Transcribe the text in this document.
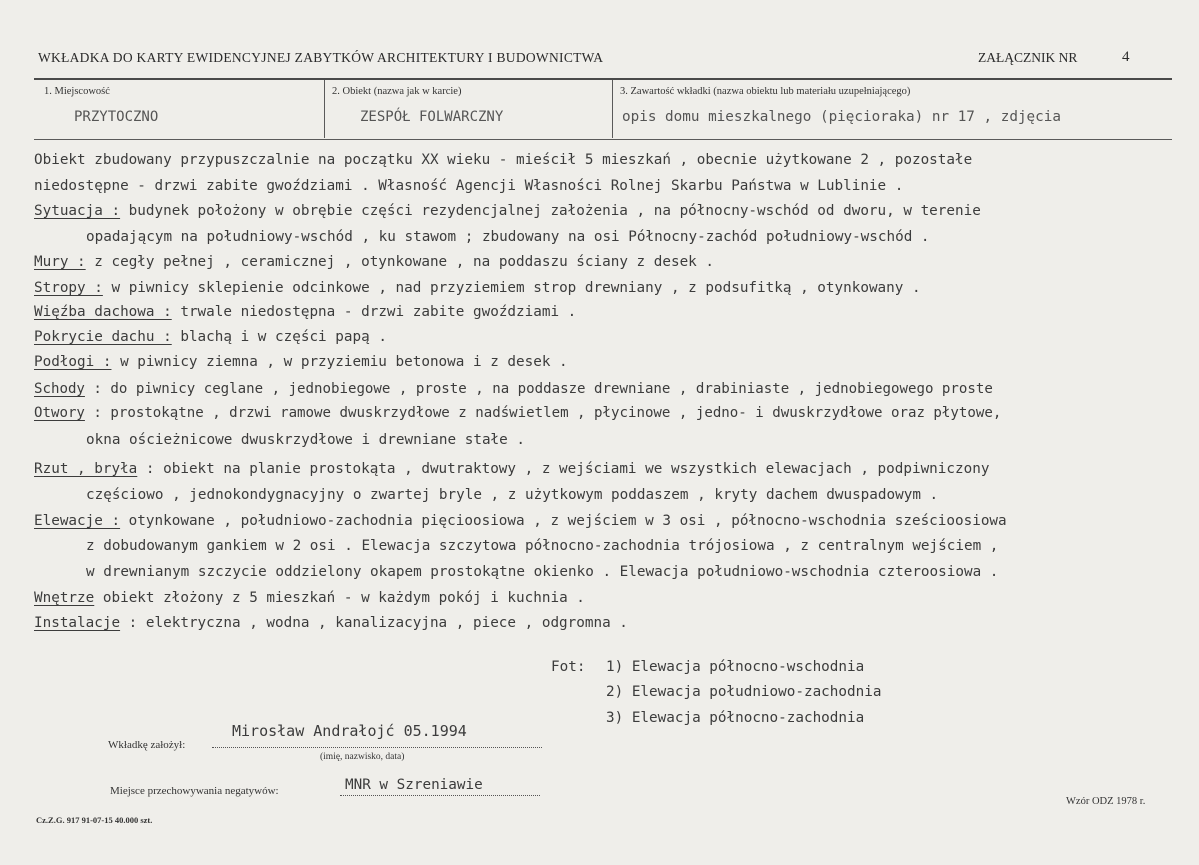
WKŁADKA DO KARTY EWIDENCYJNEJ ZABYTKÓW ARCHITEKTURY I BUDOWNICTWA	ZAŁĄCZNIK NR	4
1. Miejscowość
PRZYTOCZNO
2. Obiekt (nazwa jak w karcie)
ZESPÓŁ FOLWARCZNY
3. Zawartość wkładki (nazwa obiektu lub materiału uzupełniającego)
opis domu mieszkalnego (pięcioraka) nr 17 , zdjęcia
Obiekt zbudowany przypuszczalnie na początku XX wieku - mieścił 5 mieszkań , obecnie użytkowane 2 , pozostałe
niedostępne - drzwi zabite gwoździami . Własność Agencji Własności Rolnej Skarbu Państwa w Lublinie .
Sytuacja : budynek położony w obrębie części rezydencjalnej założenia , na północny-wschód od dworu, w terenie
opadającym na południowy-wschód , ku stawom ; zbudowany na osi Północny-zachód południowy-wschód .
Mury : z cegły pełnej , ceramicznej , otynkowane , na poddaszu ściany z desek .
Stropy : w piwnicy sklepienie odcinkowe , nad przyziemiem strop drewniany , z podsufitką , otynkowany .
Więźba dachowa : trwale niedostępna - drzwi zabite gwoździami .
Pokrycie dachu : blachą i w części papą .
Podłogi : w piwnicy ziemna , w przyziemiu betonowa i z desek .
Schody : do piwnicy ceglane , jednobiegowe , proste , na poddasze drewniane , drabiniaste , jednobiegowego proste
Otwory : prostokątne , drzwi ramowe dwuskrzydłowe z nadświetlem , płycinowe , jedno- i dwuskrzydłowe oraz płytowe,
okna ościeżnicowe dwuskrzydłowe i drewniane stałe .
Rzut , bryła : obiekt na planie prostokąta , dwutraktowy , z wejściami we wszystkich elewacjach , podpiwniczony
częściowo , jednokondygnacyjny o zwartej bryle , z użytkowym poddaszem , kryty dachem dwuspadowym .
Elewacje : otynkowane , południowo-zachodnia pięcioosiowa , z wejściem w 3 osi , północno-wschodnia sześcioosiowa
z dobudowanym gankiem w 2 osi . Elewacja szczytowa północno-zachodnia trójosiowa , z centralnym wejściem ,
w drewnianym szczycie oddzielony okapem prostokątne okienko . Elewacja południowo-wschodnia czteroosiowa .
Wnętrze obiekt złożony z 5 mieszkań - w każdym pokój i kuchnia .
Instalacje : elektryczna , wodna , kanalizacyjna , piece , odgromna .
Fot: 1) Elewacja północno-wschodnia
2) Elewacja południowo-zachodnia
3) Elewacja północno-zachodnia
Wkładkę założył:
Mirosław Andrałojć 05.1994
(imię, nazwisko, data)
Miejsce przechowywania negatywów:	MNR w Szreniawie
Cz.Z.G. 917 91-07-15 40.000 szt.
Wzór ODZ 1978 r.
